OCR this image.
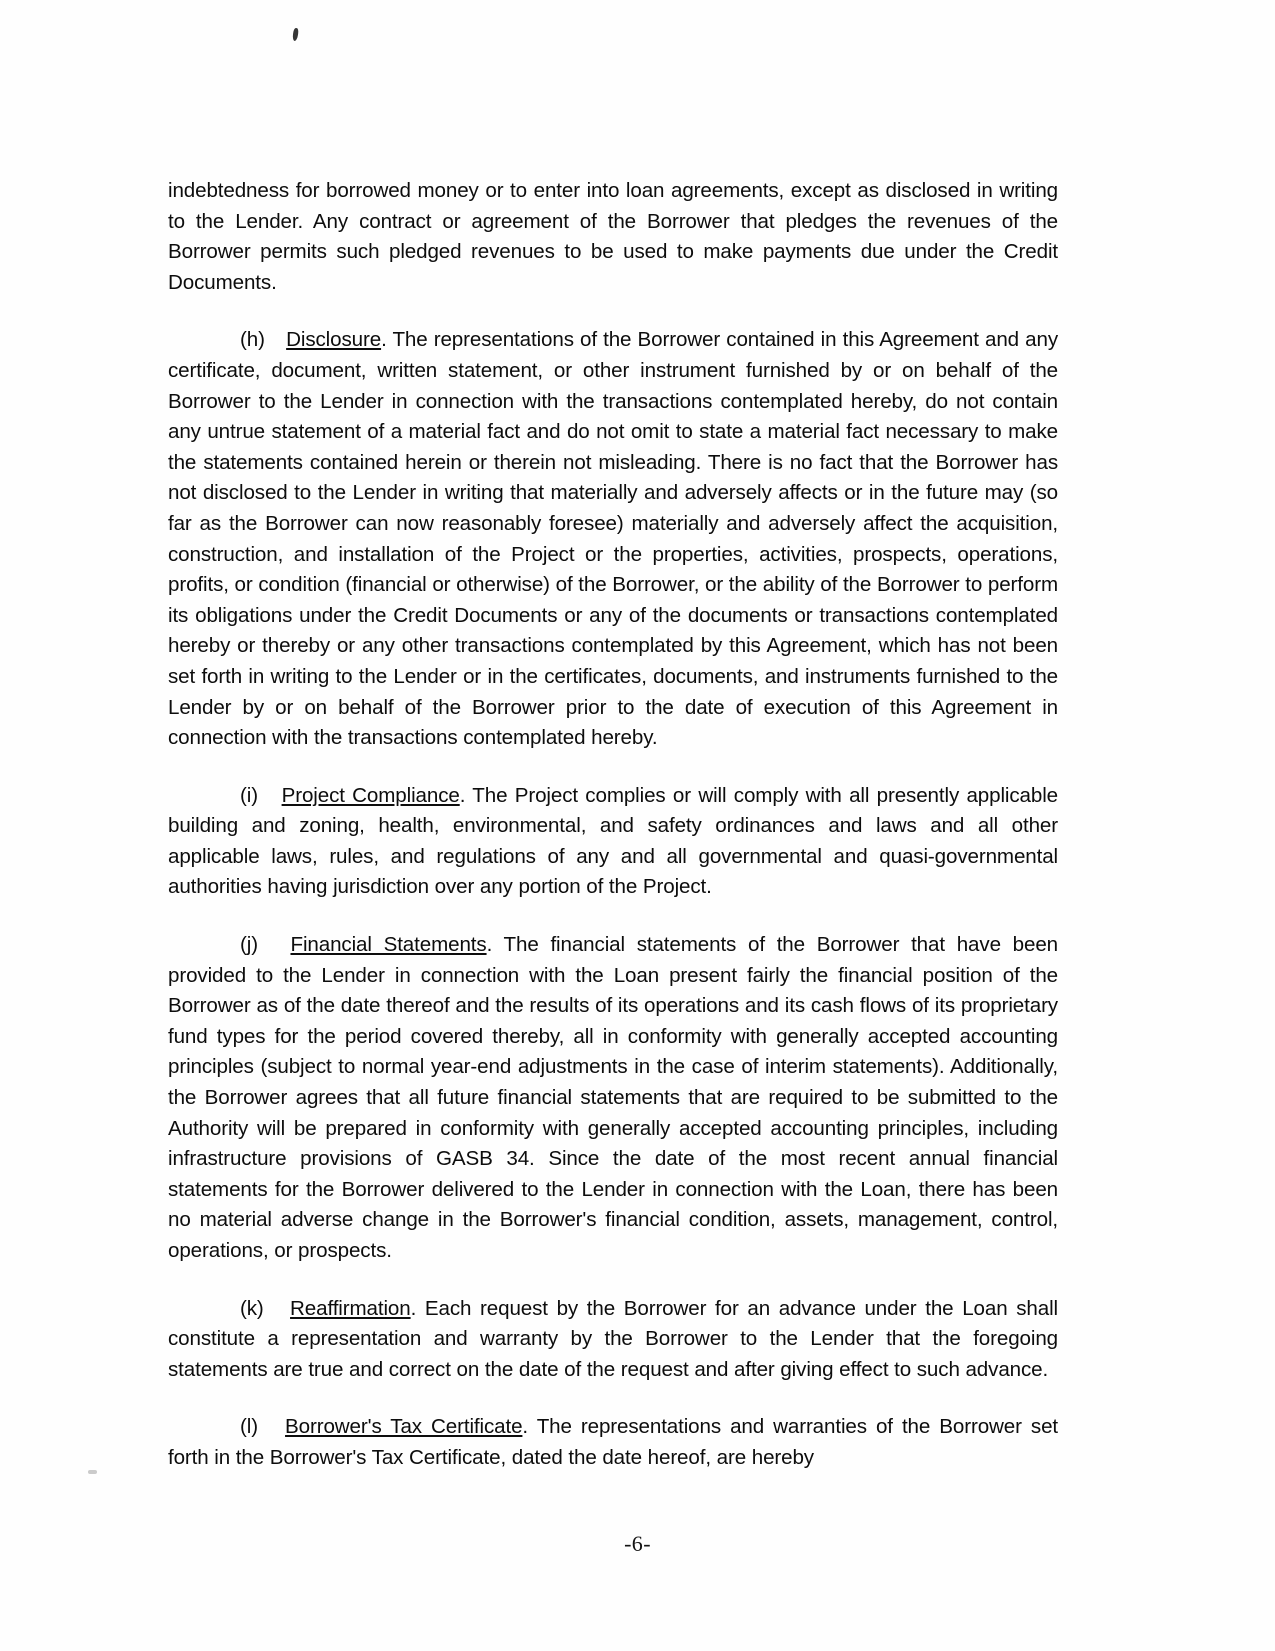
indebtedness for borrowed money or to enter into loan agreements, except as disclosed in writing to the Lender. Any contract or agreement of the Borrower that pledges the revenues of the Borrower permits such pledged revenues to be used to make payments due under the Credit Documents.

(h) Disclosure. The representations of the Borrower contained in this Agreement and any certificate, document, written statement, or other instrument furnished by or on behalf of the Borrower to the Lender in connection with the transactions contemplated hereby, do not contain any untrue statement of a material fact and do not omit to state a material fact necessary to make the statements contained herein or therein not misleading. There is no fact that the Borrower has not disclosed to the Lender in writing that materially and adversely affects or in the future may (so far as the Borrower can now reasonably foresee) materially and adversely affect the acquisition, construction, and installation of the Project or the properties, activities, prospects, operations, profits, or condition (financial or otherwise) of the Borrower, or the ability of the Borrower to perform its obligations under the Credit Documents or any of the documents or transactions contemplated hereby or thereby or any other transactions contemplated by this Agreement, which has not been set forth in writing to the Lender or in the certificates, documents, and instruments furnished to the Lender by or on behalf of the Borrower prior to the date of execution of this Agreement in connection with the transactions contemplated hereby.

(i) Project Compliance. The Project complies or will comply with all presently applicable building and zoning, health, environmental, and safety ordinances and laws and all other applicable laws, rules, and regulations of any and all governmental and quasi-governmental authorities having jurisdiction over any portion of the Project.

(j) Financial Statements. The financial statements of the Borrower that have been provided to the Lender in connection with the Loan present fairly the financial position of the Borrower as of the date thereof and the results of its operations and its cash flows of its proprietary fund types for the period covered thereby, all in conformity with generally accepted accounting principles (subject to normal year-end adjustments in the case of interim statements). Additionally, the Borrower agrees that all future financial statements that are required to be submitted to the Authority will be prepared in conformity with generally accepted accounting principles, including infrastructure provisions of GASB 34. Since the date of the most recent annual financial statements for the Borrower delivered to the Lender in connection with the Loan, there has been no material adverse change in the Borrower's financial condition, assets, management, control, operations, or prospects.

(k) Reaffirmation. Each request by the Borrower for an advance under the Loan shall constitute a representation and warranty by the Borrower to the Lender that the foregoing statements are true and correct on the date of the request and after giving effect to such advance.

(l) Borrower's Tax Certificate. The representations and warranties of the Borrower set forth in the Borrower's Tax Certificate, dated the date hereof, are hereby

-6-
